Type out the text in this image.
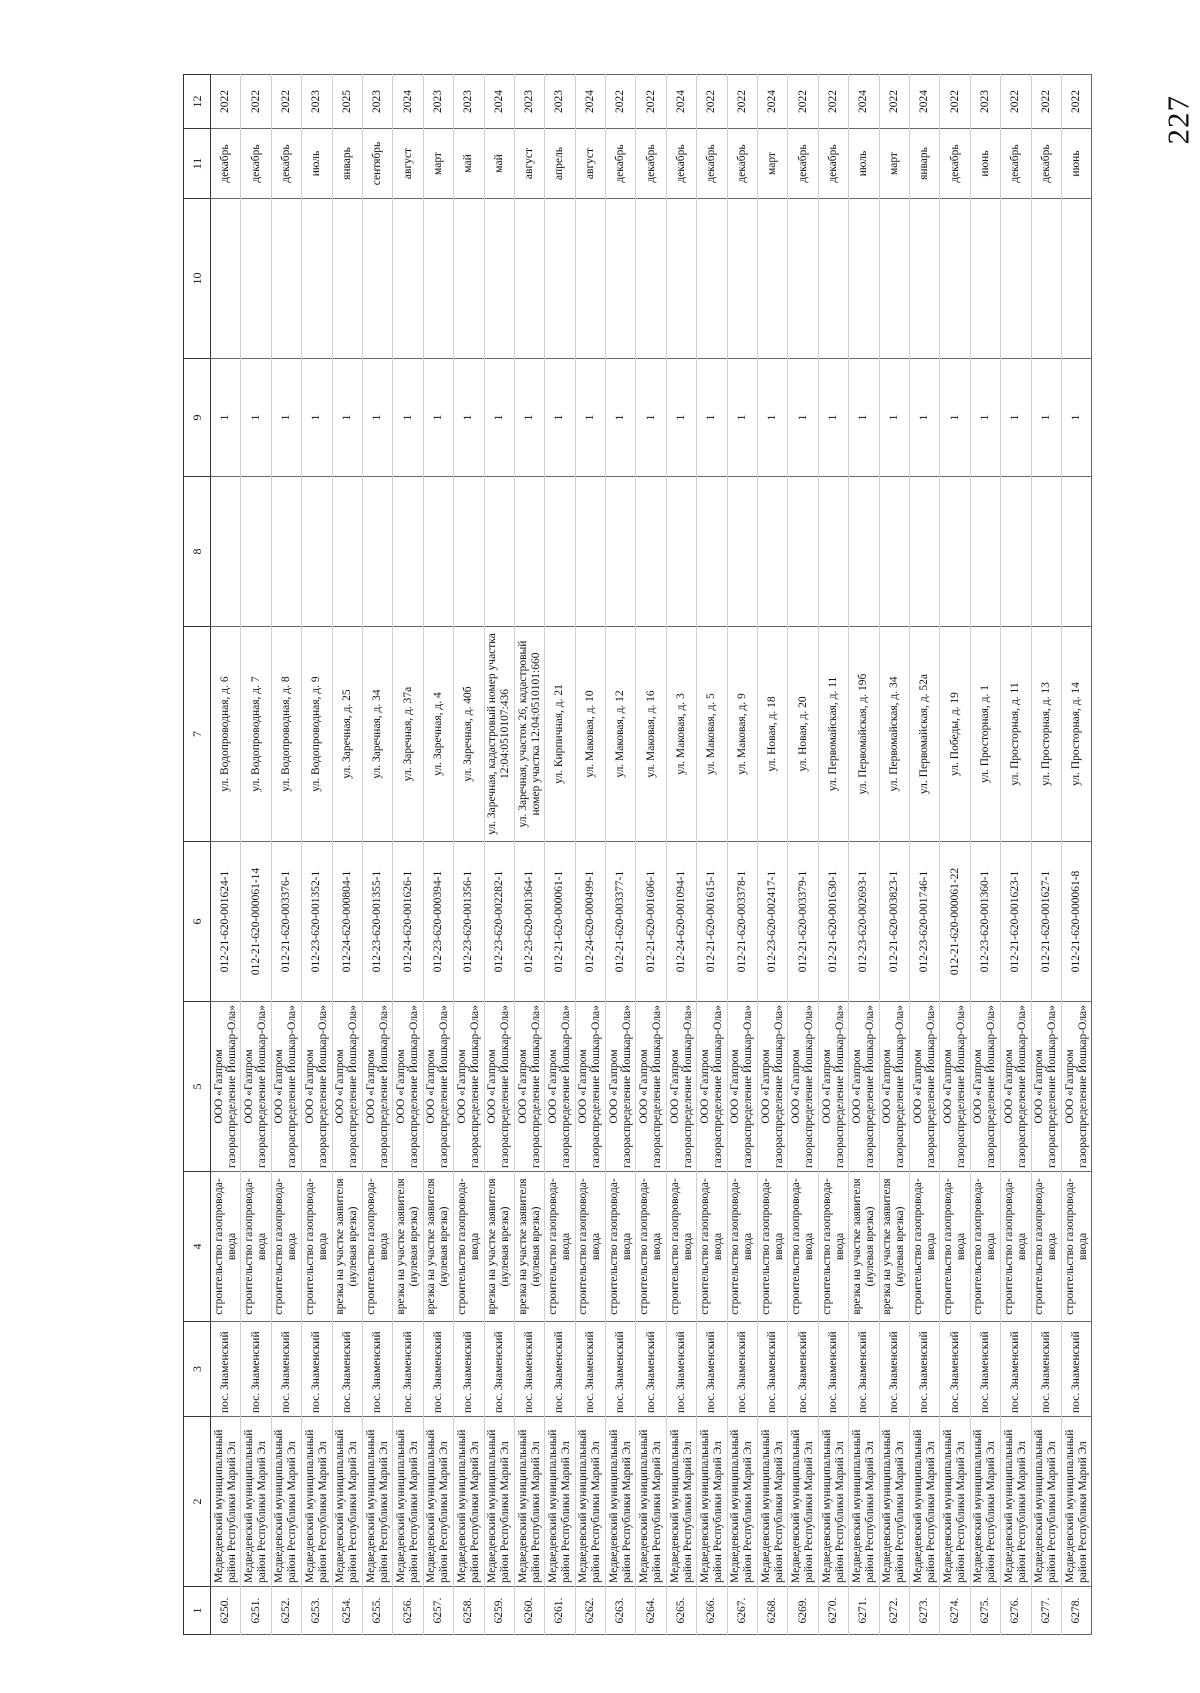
227
1	2	3	4	5	6	7	8	9	10	11	12
6250.	Медведевский муниципальный район Республики Марий Эл	пос. Знаменский	строительство газопровода-ввода	ООО «Газпром газораспределение Йошкар-Ола»	012-21-620-001624-1	ул. Водопроводная, д. 6		1		декабрь	2022
6251.	Медведевский муниципальный район Республики Марий Эл	пос. Знаменский	строительство газопровода-ввода	ООО «Газпром газораспределение Йошкар-Ола»	012-21-620-000061-14	ул. Водопроводная, д. 7		1		декабрь	2022
6252.	Медведевский муниципальный район Республики Марий Эл	пос. Знаменский	строительство газопровода-ввода	ООО «Газпром газораспределение Йошкар-Ола»	012-21-620-003376-1	ул. Водопроводная, д. 8		1		декабрь	2022
6253.	Медведевский муниципальный район Республики Марий Эл	пос. Знаменский	строительство газопровода-ввода	ООО «Газпром газораспределение Йошкар-Ола»	012-23-620-001352-1	ул. Водопроводная, д. 9		1		июль	2023
6254.	Медведевский муниципальный район Республики Марий Эл	пос. Знаменский	врезка на участке заявителя (нулевая врезка)	ООО «Газпром газораспределение Йошкар-Ола»	012-24-620-000804-1	ул. Заречная, д. 25		1		январь	2025
6255.	Медведевский муниципальный район Республики Марий Эл	пос. Знаменский	строительство газопровода-ввода	ООО «Газпром газораспределение Йошкар-Ола»	012-23-620-001355-1	ул. Заречная, д. 34		1		сентябрь	2023
6256.	Медведевский муниципальный район Республики Марий Эл	пос. Знаменский	врезка на участке заявителя (нулевая врезка)	ООО «Газпром газораспределение Йошкар-Ола»	012-24-620-001626-1	ул. Заречная, д. 37а		1		август	2024
6257.	Медведевский муниципальный район Республики Марий Эл	пос. Знаменский	врезка на участке заявителя (нулевая врезка)	ООО «Газпром газораспределение Йошкар-Ола»	012-23-620-000394-1	ул. Заречная, д. 4		1		март	2023
6258.	Медведевский муниципальный район Республики Марий Эл	пос. Знаменский	строительство газопровода-ввода	ООО «Газпром газораспределение Йошкар-Ола»	012-23-620-001356-1	ул. Заречная, д. 40б		1		май	2023
6259.	Медведевский муниципальный район Республики Марий Эл	пос. Знаменский	врезка на участке заявителя (нулевая врезка)	ООО «Газпром газораспределение Йошкар-Ола»	012-23-620-002282-1	ул. Заречная, кадастровый номер участка 12:04:0510107:436		1		май	2024
6260.	Медведевский муниципальный район Республики Марий Эл	пос. Знаменский	врезка на участке заявителя (нулевая врезка)	ООО «Газпром газораспределение Йошкар-Ола»	012-23-620-001364-1	ул. Заречная, участок 26, кадастровый номер участка 12:04:0510101:660		1		август	2023
6261.	Медведевский муниципальный район Республики Марий Эл	пос. Знаменский	строительство газопровода-ввода	ООО «Газпром газораспределение Йошкар-Ола»	012-21-620-000061-1	ул. Кирпичная, д. 21		1		апрель	2023
6262.	Медведевский муниципальный район Республики Марий Эл	пос. Знаменский	строительство газопровода-ввода	ООО «Газпром газораспределение Йошкар-Ола»	012-24-620-000499-1	ул. Маковая, д. 10		1		август	2024
6263.	Медведевский муниципальный район Республики Марий Эл	пос. Знаменский	строительство газопровода-ввода	ООО «Газпром газораспределение Йошкар-Ола»	012-21-620-003377-1	ул. Маковая, д. 12		1		декабрь	2022
6264.	Медведевский муниципальный район Республики Марий Эл	пос. Знаменский	строительство газопровода-ввода	ООО «Газпром газораспределение Йошкар-Ола»	012-21-620-001606-1	ул. Маковая, д. 16		1		декабрь	2022
6265.	Медведевский муниципальный район Республики Марий Эл	пос. Знаменский	строительство газопровода-ввода	ООО «Газпром газораспределение Йошкар-Ола»	012-24-620-001094-1	ул. Маковая, д. 3		1		декабрь	2024
6266.	Медведевский муниципальный район Республики Марий Эл	пос. Знаменский	строительство газопровода-ввода	ООО «Газпром газораспределение Йошкар-Ола»	012-21-620-001615-1	ул. Маковая, д. 5		1		декабрь	2022
6267.	Медведевский муниципальный район Республики Марий Эл	пос. Знаменский	строительство газопровода-ввода	ООО «Газпром газораспределение Йошкар-Ола»	012-21-620-003378-1	ул. Маковая, д. 9		1		декабрь	2022
6268.	Медведевский муниципальный район Республики Марий Эл	пос. Знаменский	строительство газопровода-ввода	ООО «Газпром газораспределение Йошкар-Ола»	012-23-620-002417-1	ул. Новая, д. 18		1		март	2024
6269.	Медведевский муниципальный район Республики Марий Эл	пос. Знаменский	строительство газопровода-ввода	ООО «Газпром газораспределение Йошкар-Ола»	012-21-620-003379-1	ул. Новая, д. 20		1		декабрь	2022
6270.	Медведевский муниципальный район Республики Марий Эл	пос. Знаменский	строительство газопровода-ввода	ООО «Газпром газораспределение Йошкар-Ола»	012-21-620-001630-1	ул. Первомайская, д. 11		1		декабрь	2022
6271.	Медведевский муниципальный район Республики Марий Эл	пос. Знаменский	врезка на участке заявителя (нулевая врезка)	ООО «Газпром газораспределение Йошкар-Ола»	012-23-620-002693-1	ул. Первомайская, д. 19б		1		июль	2024
6272.	Медведевский муниципальный район Республики Марий Эл	пос. Знаменский	врезка на участке заявителя (нулевая врезка)	ООО «Газпром газораспределение Йошкар-Ола»	012-21-620-003823-1	ул. Первомайская, д. 34		1		март	2022
6273.	Медведевский муниципальный район Республики Марий Эл	пос. Знаменский	строительство газопровода-ввода	ООО «Газпром газораспределение Йошкар-Ола»	012-23-620-001746-1	ул. Первомайская, д. 52а		1		январь	2024
6274.	Медведевский муниципальный район Республики Марий Эл	пос. Знаменский	строительство газопровода-ввода	ООО «Газпром газораспределение Йошкар-Ола»	012-21-620-000061-22	ул. Победы, д. 19		1		декабрь	2022
6275.	Медведевский муниципальный район Республики Марий Эл	пос. Знаменский	строительство газопровода-ввода	ООО «Газпром газораспределение Йошкар-Ола»	012-23-620-001360-1	ул. Просторная, д. 1		1		июнь	2023
6276.	Медведевский муниципальный район Республики Марий Эл	пос. Знаменский	строительство газопровода-ввода	ООО «Газпром газораспределение Йошкар-Ола»	012-21-620-001623-1	ул. Просторная, д. 11		1		декабрь	2022
6277.	Медведевский муниципальный район Республики Марий Эл	пос. Знаменский	строительство газопровода-ввода	ООО «Газпром газораспределение Йошкар-Ола»	012-21-620-001627-1	ул. Просторная, д. 13		1		декабрь	2022
6278.	Медведевский муниципальный район Республики Марий Эл	пос. Знаменский	строительство газопровода-ввода	ООО «Газпром газораспределение Йошкар-Ола»	012-21-620-000061-8	ул. Просторная, д. 14		1		июнь	2022
